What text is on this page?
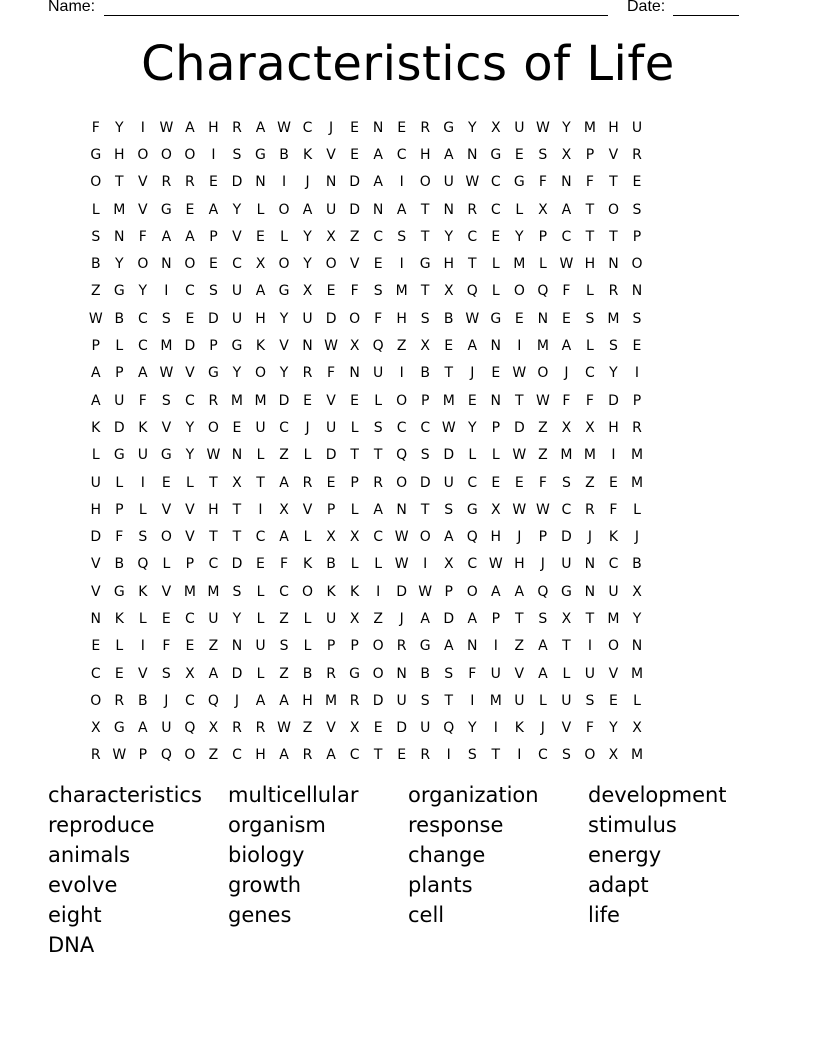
Name:	Date:
Characteristics of Life
F	Y	I	W A H R A W C	J	E N E	R G Y	X U W Y M H U
G H O O O	I	S G B	K	V	E	A C H A N G E	S	X	P	V R
O T	V R R	E D N	I	J	N D A	I	O U W C G	F	N	F	T	E
L M V G E	A	Y	L	O A U D N A	T	N R C	L	X A	T O S
S N	F	A A	P	V	E	L	Y	X Z C	S	T	Y	C	E	Y	P	C	T	T	P
B	Y O N O E	C X O Y O V	E	I	G H T	L M L W H N O
Z G Y	I	C	S U A G X	E	F	S M T	X Q	L	O Q F	L	R N
W B C	S	E D U H Y	U D O F	H S	B W G E N E	S M S
P	L	C M D P G K	V N W X Q Z X	E	A N	I	M A	L	S	E
A	P	A W V G Y O Y	R	F	N U	I	B	T	J	E W O	J	C	Y	I
A U	F	S	C R M M D E	V	E	L	O P M E N	T W F	F	D P
K D K	V	Y O E U C	J	U	L	S	C C W Y	P D Z X X H R
L	G U G Y W N	L	Z	L	D T	T Q S D	L	L W Z M M	I	M
U	L	I	E	L	T	X	T	A R	E	P	R O D U C	E	E	F	S	Z	E M
H	P	L	V V H T	I	X V	P	L	A N	T	S G X W W C R	F	L
D	F	S O V	T	T	C A	L	X X C W O A Q H	J	P D	J	K	J
V B Q	L	P	C D E	F	K	B	L	L W	I	X C W H	J	U N C B
V G K	V M M S	L	C O K	K	I	D W P O A A Q G N U X
N K	L	E	C U	Y	L	Z	L	U X Z	J	A D A	P	T	S	X	T M Y
E	L	I	F	E	Z N U S	L	P	P O R G A N	I	Z A	T	I	O N
C	E	V	S	X A D	L	Z B R G O N B	S	F	U V A	L	U V M
O R B	J	C Q	J	A A H M R D U S	T	I	M U	L	U S	E	L
X G A U Q X R R W Z V X	E D U Q Y	I	K	J	V	F	Y	X
R W P Q O Z C H A R A C	T	E	R	I	S	T	I	C	S O X M
characteristics	multicellular	organization	development
reproduce	organism	response	stimulus
animals	biology	change	energy
evolve	growth	plants	adapt
eight	genes	cell	life
DNA
